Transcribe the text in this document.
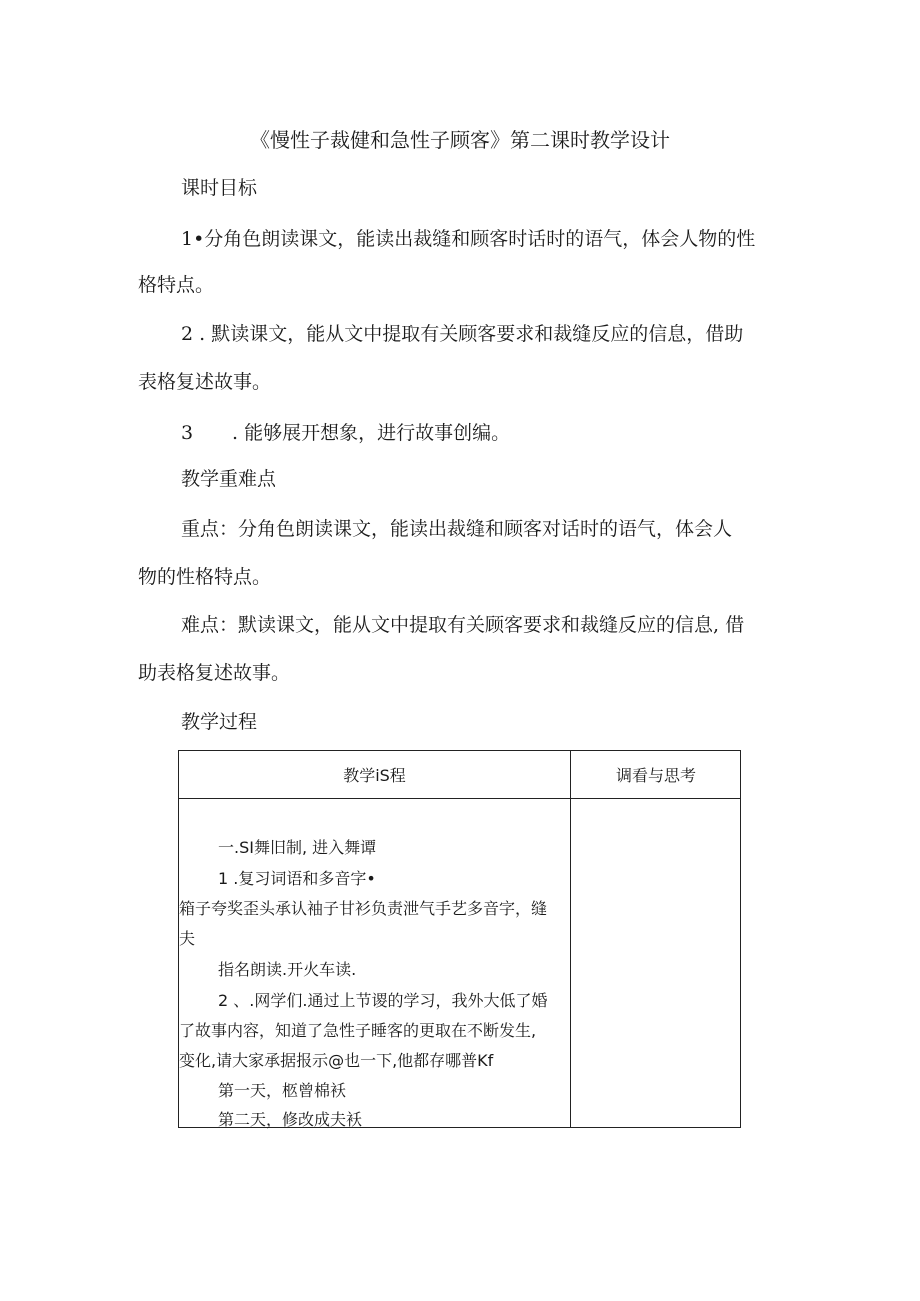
《慢性子裁健和急性子顾客》第二课时教学设计
课时目标
1•分角色朗读课文，能读出裁缝和顾客时话时的语气，体会人物的性
格特点。
2 . 默读课文，能从文中提取有关顾客要求和裁缝反应的信息，借助
表格复述故事。
3 . 能够展开想象，进行故事创编。
教学重难点
重点：分角色朗读课文，能读出裁缝和顾客对话时的语气，体会人
物的性格特点。
难点：默读课文，能从文中提取有关顾客要求和裁缝反应的信息, 借
助表格复述故事。
教学过程
教学iS程	调看与思考
一.SI舞旧制, 进入舞谭
1 .复习词语和多音字•
箱子夸奖歪头承认袖子甘衫负责泄气手艺多音字，缝
夫
指名朗读.开火车读.
2 、.网学们.通过上节谡的学习，我外大低了婚
了故事内容，知道了急性子睡客的更取在不断发生,
变化,请大家承据报示@也一下,他都存哪普Kf
第一天，柩曾棉袄
第二天，修改成夫袄
